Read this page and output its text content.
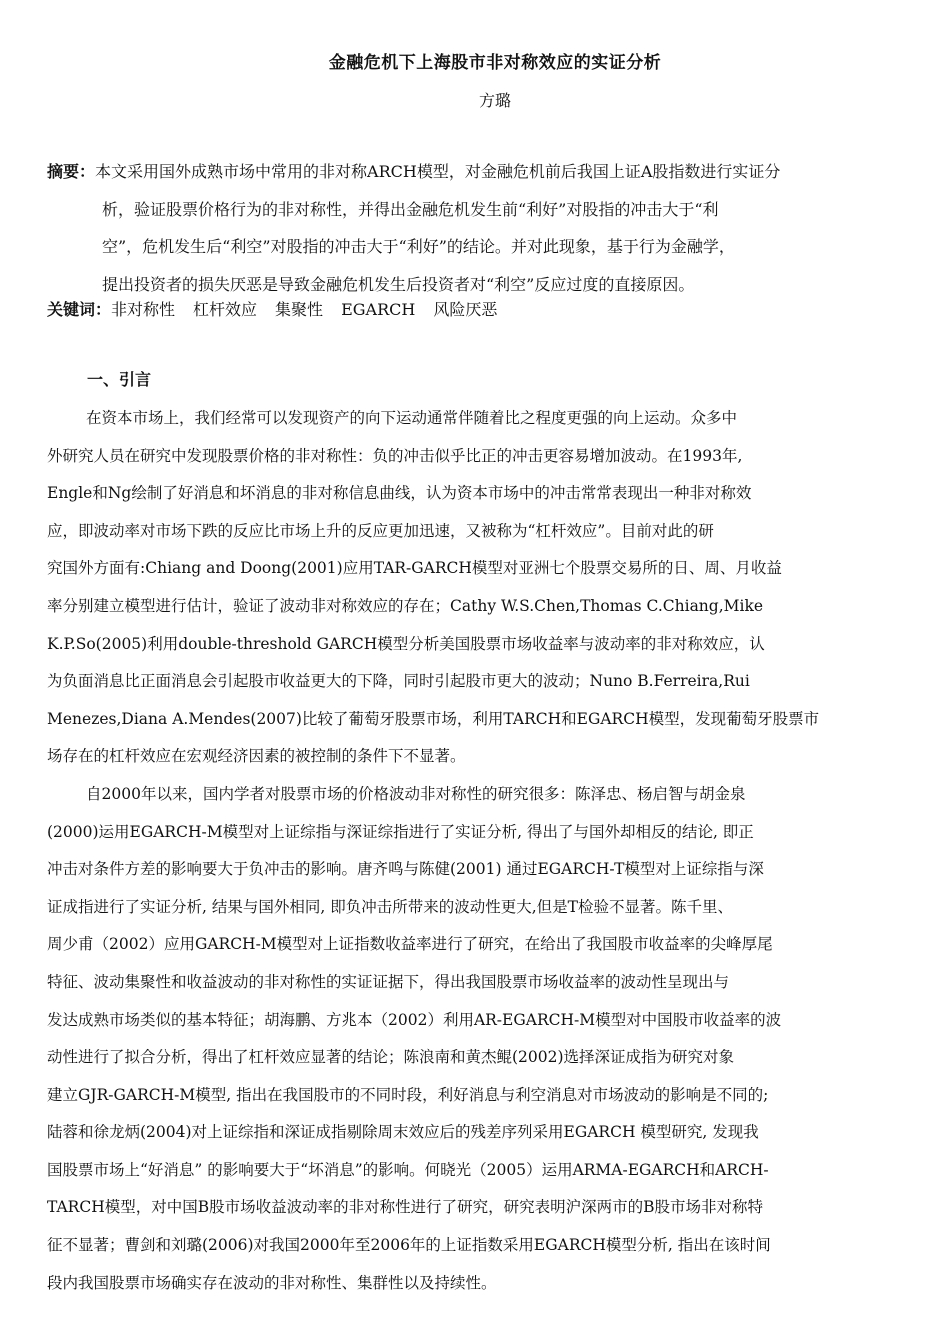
金融危机下上海股市非对称效应的实证分析
方璐
摘要：本文采用国外成熟市场中常用的非对称ARCH模型，对金融危机前后我国上证A股指数进行实证分
析，验证股票价格行为的非对称性，并得出金融危机发生前“利好”对股指的冲击大于“利
空”，危机发生后“利空”对股指的冲击大于“利好”的结论。并对此现象，基于行为金融学，
提出投资者的损失厌恶是导致金融危机发生后投资者对“利空”反应过度的直接原因。
关键词：非对称性 杠杆效应 集聚性 EGARCH 风险厌恶
一、引言
在资本市场上，我们经常可以发现资产的向下运动通常伴随着比之程度更强的向上运动。众多中
外研究人员在研究中发现股票价格的非对称性：负的冲击似乎比正的冲击更容易增加波动。在1993年,
Engle和Ng绘制了好消息和坏消息的非对称信息曲线，认为资本市场中的冲击常常表现出一种非对称效
应，即波动率对市场下跌的反应比市场上升的反应更加迅速，又被称为“杠杆效应”。目前对此的研
究国外方面有:Chiang and Doong(2001)应用TAR-GARCH模型对亚洲七个股票交易所的日、周、月收益
率分别建立模型进行估计，验证了波动非对称效应的存在；Cathy W.S.Chen,Thomas C.Chiang,Mike
K.P.So(2005)利用double-threshold GARCH模型分析美国股票市场收益率与波动率的非对称效应，认
为负面消息比正面消息会引起股市收益更大的下降，同时引起股市更大的波动；Nuno B.Ferreira,Rui
Menezes,Diana A.Mendes(2007)比较了葡萄牙股票市场，利用TARCH和EGARCH模型，发现葡萄牙股票市
场存在的杠杆效应在宏观经济因素的被控制的条件下不显著。
自2000年以来，国内学者对股票市场的价格波动非对称性的研究很多：陈泽忠、杨启智与胡金泉
(2000)运用EGARCH-M模型对上证综指与深证综指进行了实证分析, 得出了与国外却相反的结论, 即正
冲击对条件方差的影响要大于负冲击的影响。唐齐鸣与陈健(2001) 通过EGARCH-T模型对上证综指与深
证成指进行了实证分析, 结果与国外相同, 即负冲击所带来的波动性更大,但是T检验不显著。陈千里、
周少甫（2002）应用GARCH-M模型对上证指数收益率进行了研究，在给出了我国股市收益率的尖峰厚尾
特征、波动集聚性和收益波动的非对称性的实证证据下，得出我国股票市场收益率的波动性呈现出与
发达成熟市场类似的基本特征；胡海鹏、方兆本（2002）利用AR-EGARCH-M模型对中国股市收益率的波
动性进行了拟合分析，得出了杠杆效应显著的结论；陈浪南和黄杰鲲(2002)选择深证成指为研究对象
建立GJR-GARCH-M模型, 指出在我国股市的不同时段，利好消息与利空消息对市场波动的影响是不同的;
陆蓉和徐龙炳(2004)对上证综指和深证成指剔除周末效应后的残差序列采用EGARCH 模型研究, 发现我
国股票市场上“好消息” 的影响要大于“坏消息”的影响。何晓光（2005）运用ARMA-EGARCH和ARCH-
TARCH模型，对中国B股市场收益波动率的非对称性进行了研究，研究表明沪深两市的B股市场非对称特
征不显著；曹剑和刘璐(2006)对我国2000年至2006年的上证指数采用EGARCH模型分析, 指出在该时间
段内我国股票市场确实存在波动的非对称性、集群性以及持续性。
